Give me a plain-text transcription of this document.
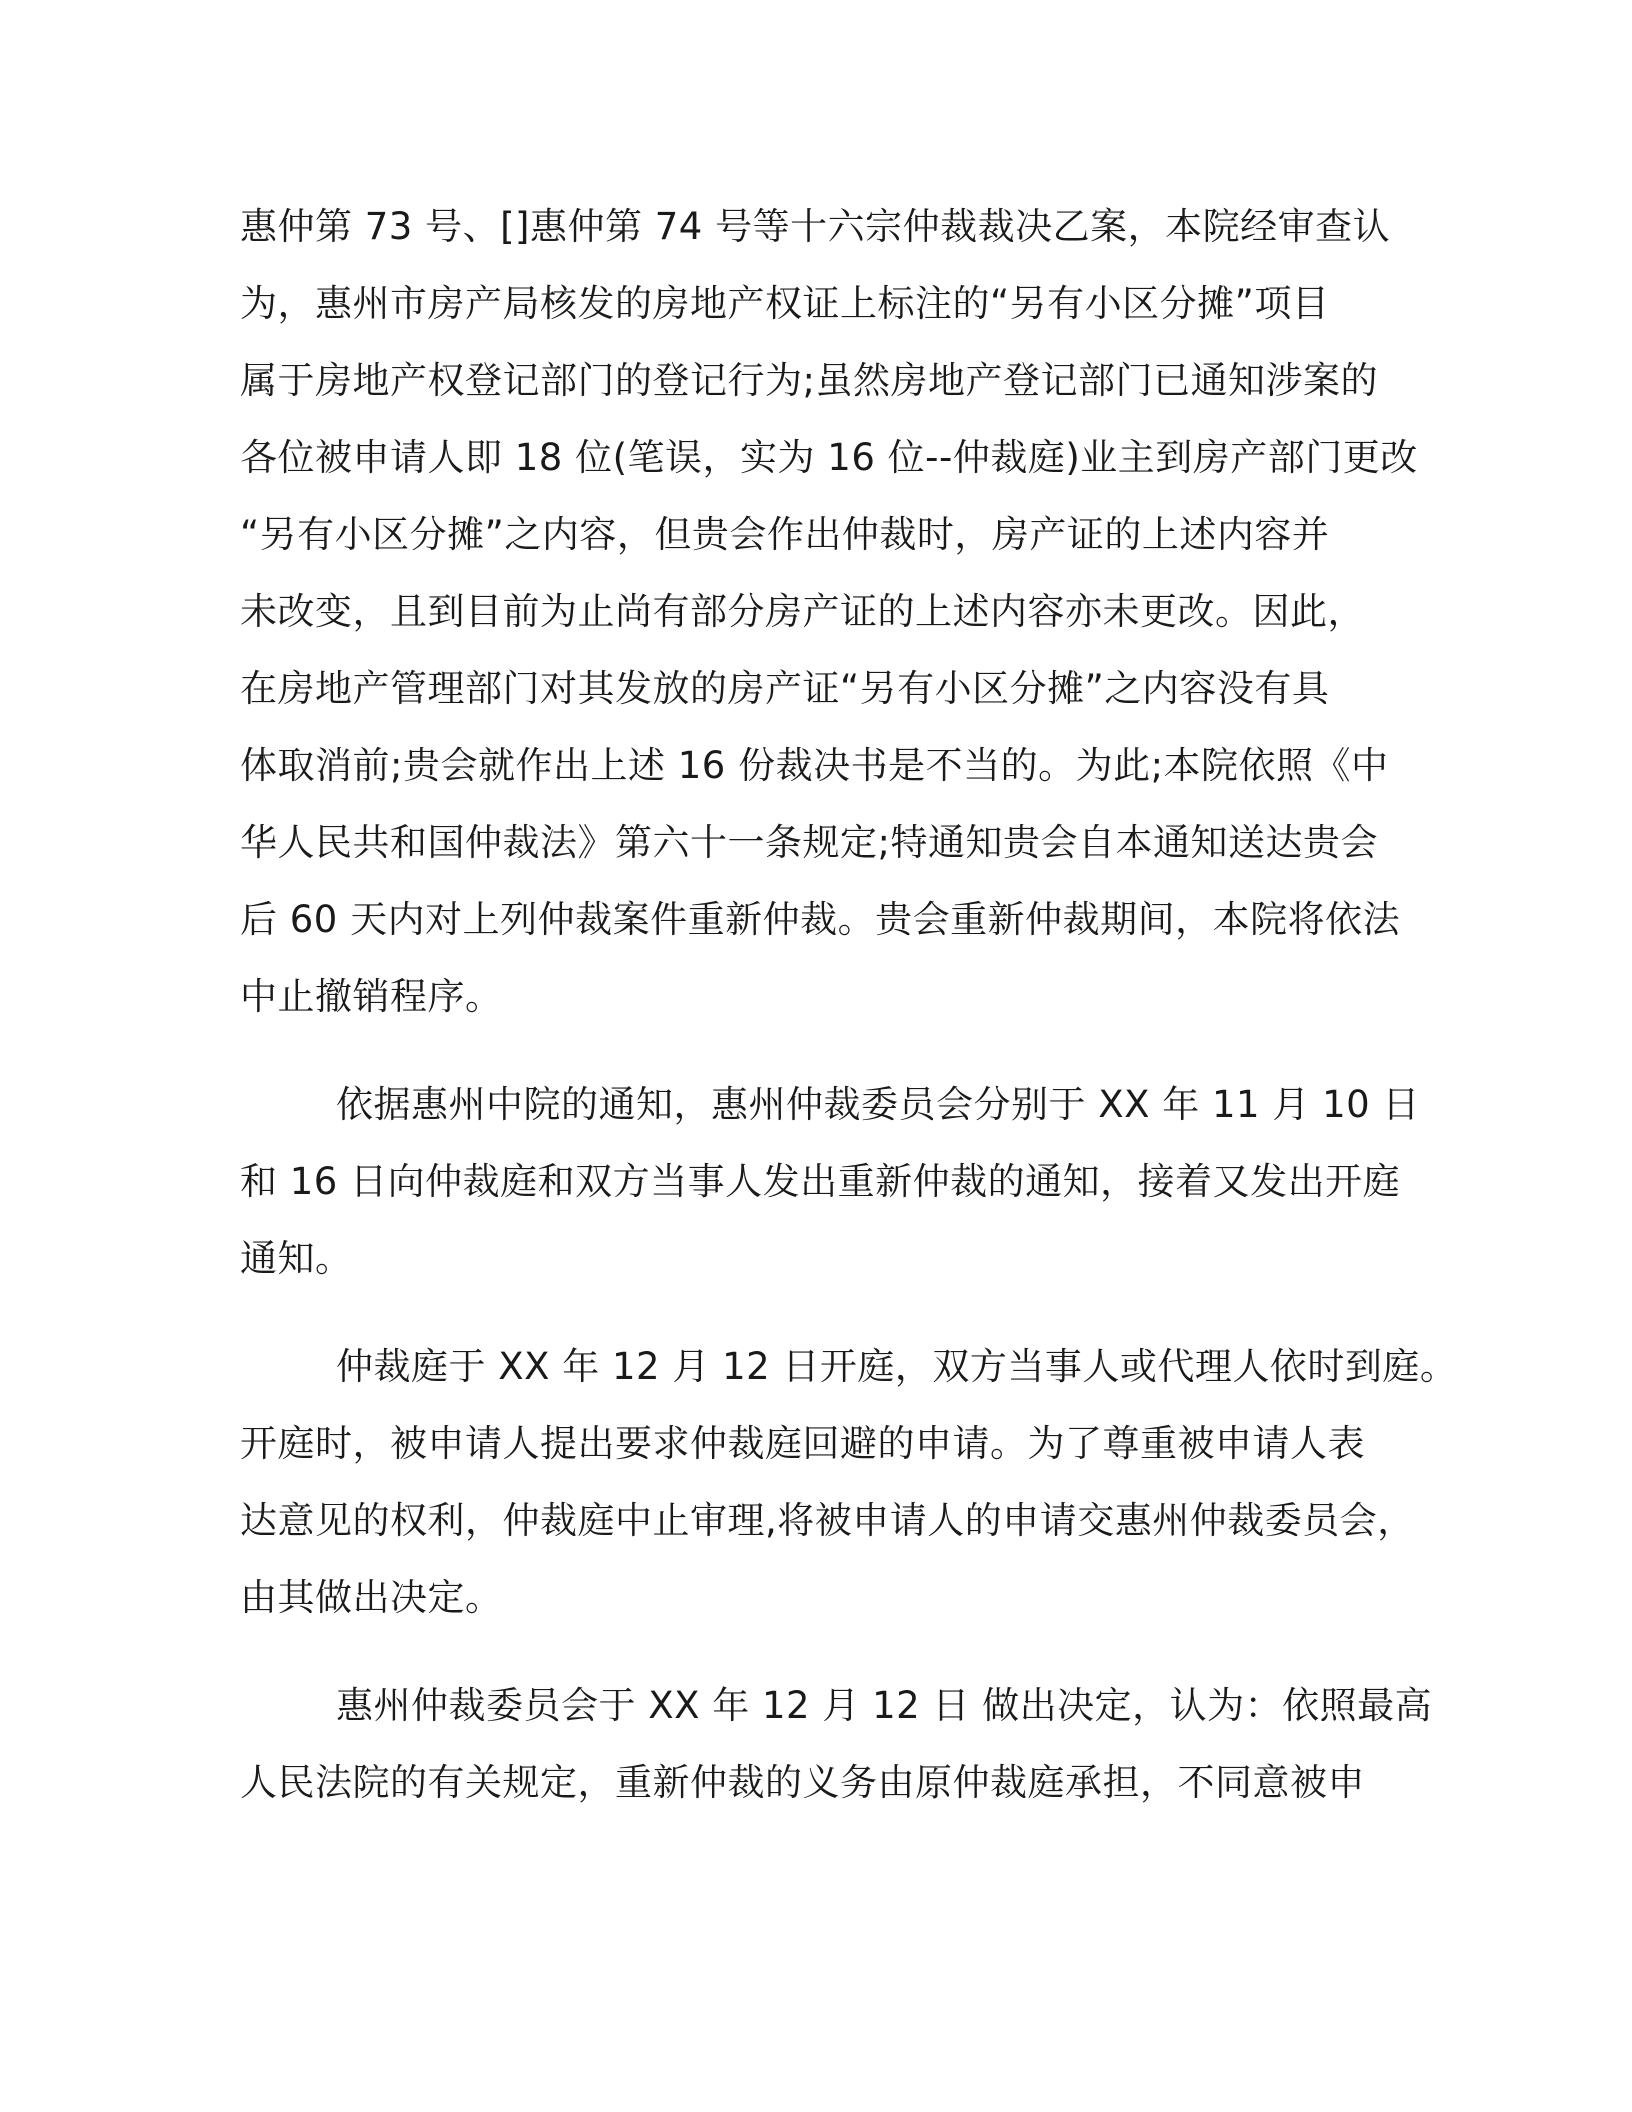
惠仲第 73 号、[]惠仲第 74 号等十六宗仲裁裁决乙案，本院经审查认
为，惠州市房产局核发的房地产权证上标注的“另有小区分摊”项目
属于房地产权登记部门的登记行为;虽然房地产登记部门已通知涉案的
各位被申请人即 18 位(笔误，实为 16 位--仲裁庭)业主到房产部门更改
“另有小区分摊”之内容，但贵会作出仲裁时，房产证的上述内容并
未改变，且到目前为止尚有部分房产证的上述内容亦未更改。因此，
在房地产管理部门对其发放的房产证“另有小区分摊”之内容没有具
体取消前;贵会就作出上述 16 份裁决书是不当的。为此;本院依照《中
华人民共和国仲裁法》第六十一条规定;特通知贵会自本通知送达贵会
后 60 天内对上列仲裁案件重新仲裁。贵会重新仲裁期间，本院将依法
中止撤销程序。

依据惠州中院的通知，惠州仲裁委员会分别于 XX 年 11 月 10 日
和 16 日向仲裁庭和双方当事人发出重新仲裁的通知，接着又发出开庭
通知。

仲裁庭于 XX 年 12 月 12 日开庭，双方当事人或代理人依时到庭。
开庭时，被申请人提出要求仲裁庭回避的申请。为了尊重被申请人表
达意见的权利，仲裁庭中止审理,将被申请人的申请交惠州仲裁委员会，
由其做出决定。

惠州仲裁委员会于 XX 年 12 月 12 日 做出决定，认为：依照最高
人民法院的有关规定，重新仲裁的义务由原仲裁庭承担，不同意被申
